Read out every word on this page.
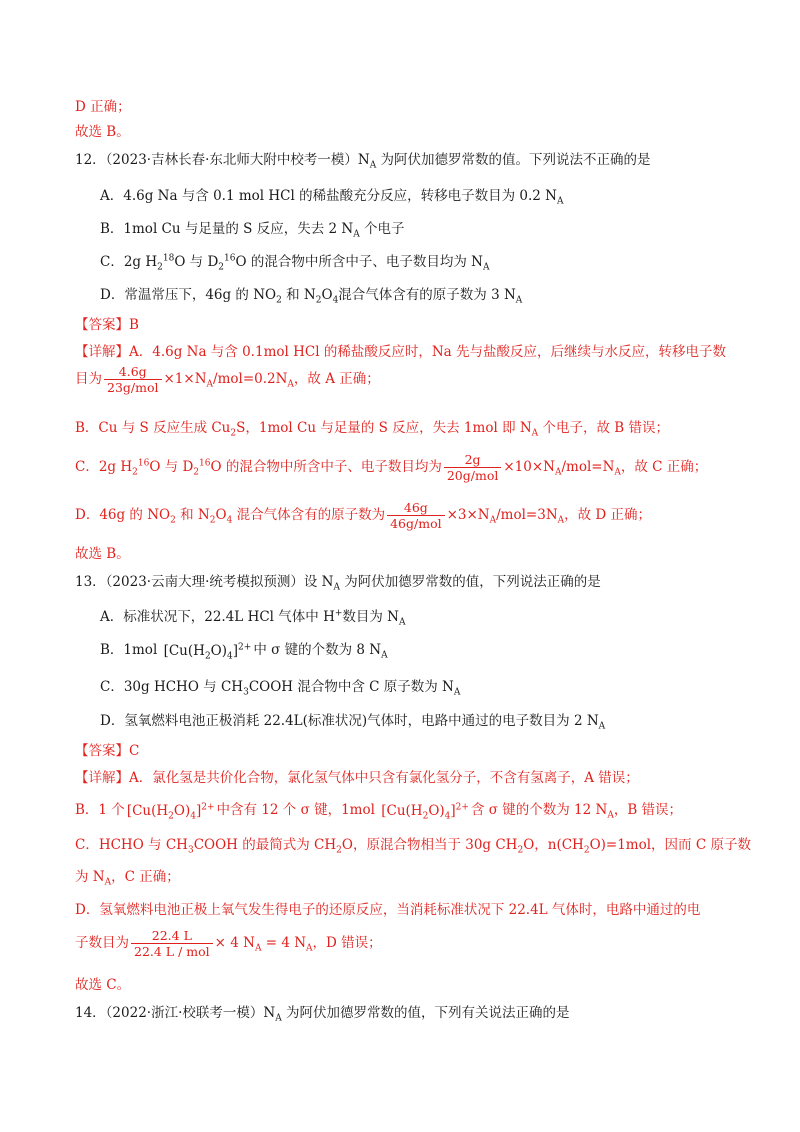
D 正确；
故选 B。
12．（2023·吉林长春·东北师大附中校考一模）$N_A$ 为阿伏加德罗常数的值。下列说法不正确的是
A．4.6g Na 与含 0.1 mol HCl 的稀盐酸充分反应，转移电子数目为 0.2 $N_A$
B．1mol Cu 与足量的 S 反应，失去 2 $N_A$ 个电子
C．2g $H_2^{18}O$ 与 $D_2^{16}O$ 的混合物中所含中子、电子数目均为 $N_A$
D．常温常压下，46g 的 $NO_2$ 和 $N_2O_4$混合气体含有的原子数为 3 $N_A$
【答案】B
【详解】A．4.6g Na 与含 0.1mol HCl 的稀盐酸反应时，Na 先与盐酸反应，后继续与水反应，转移电子数
目为 $\frac{4.6g}{\text{23g/mol}} \times 1\times N_A/mol=0.2N_A$，故 A 正确；
B．Cu 与 S 反应生成 $Cu_2S$，1mol Cu 与足量的 S 反应，失去 1mol 即 $N_A$ 个电子，故 B 错误；
C．2g $H_2^{16}O$ 与 $D_2^{16}O$ 的混合物中所含中子、电子数目均为 $\frac{2g}{\text{20g/mol}} \times 10\times N_A/mol=N_A$，故 C 正确；
D．46g 的 $NO_2$ 和 $N_2O_4$ 混合气体含有的原子数为 $\frac{46g}{\text{46g/mol}} \times 3\times N_A/mol=3N_A$，故 D 正确；
故选 B。
13．（2023·云南大理·统考模拟预测）设 $N_A$ 为阿伏加德罗常数的值，下列说法正确的是
A．标准状况下，22.4L HCl 气体中 H+数目为 $N_A$
B．1mol $[Cu(H_2O)_4]^{2+}$ 中 σ 键的个数为 8 $N_A$
C．30g HCHO 与 $CH_3COOH$ 混合物中含 C 原子数为 $N_A$
D．氢氧燃料电池正极消耗 22.4L(标准状况)气体时，电路中通过的电子数目为 2 $N_A$
【答案】C
【详解】A．氯化氢是共价化合物，氯化氢气体中只含有氯化氢分子，不含有氢离子，A 错误；
B．1 个 $[Cu(H_2O)_4]^{2+}$ 中含有 12 个 σ 键，1mol $[Cu(H_2O)_4]^{2+}$ 含 σ 键的个数为 12 $N_A$，B 错误；
C．HCHO 与 $CH_3COOH$ 的最简式为 $CH_2O$，原混合物相当于 30g $CH_2O$，$n(CH_2O)=1mol$，因而 C 原子数
为 $N_A$，C 正确；
D．氢氧燃料电池正极上氧气发生得电子的还原反应，当消耗标准状况下 22.4L 气体时，电路中通过的电
子数目为 $\frac{22.4 L}{\text{22.4 L / mol}} \times 4$ $N_A = 4$ $N_A$，D 错误；
故选 C。
14．（2022·浙江·校联考一模）$N_A$ 为阿伏加德罗常数的值，下列有关说法正确的是
